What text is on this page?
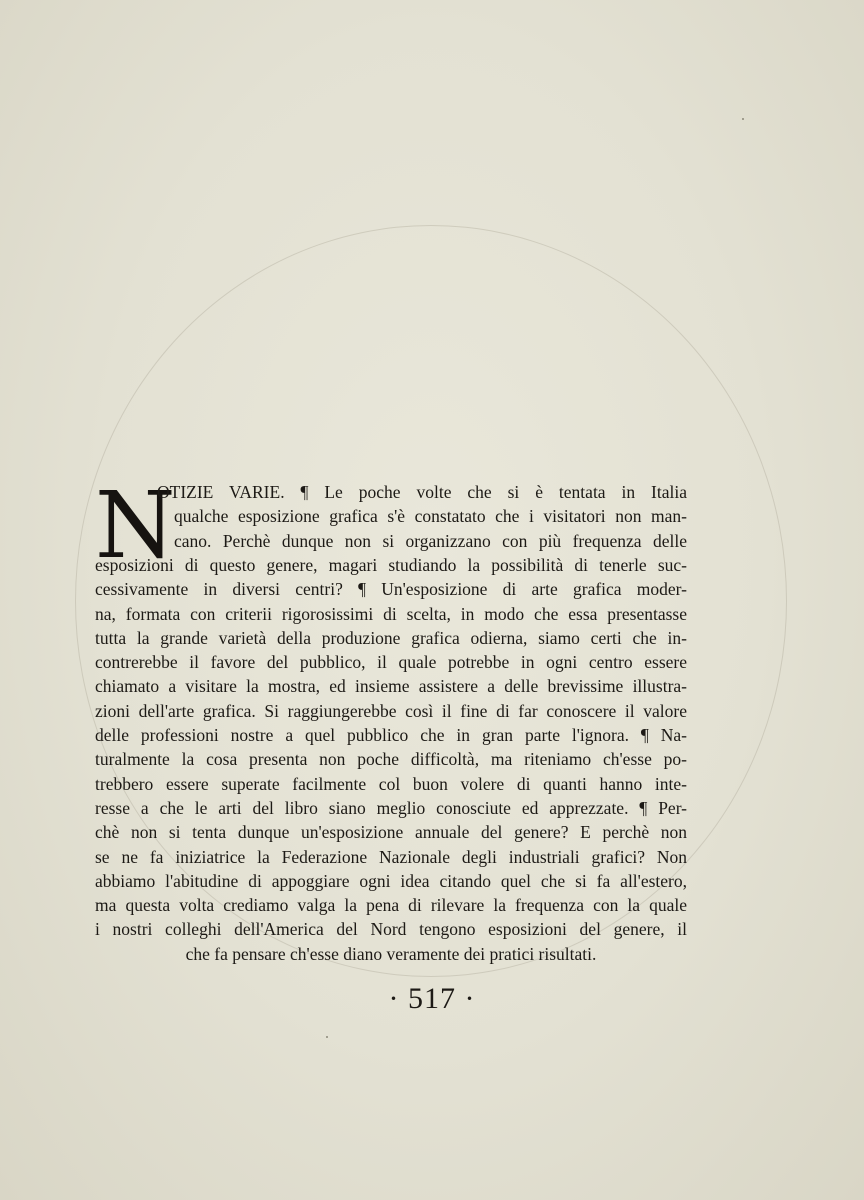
N
OTIZIE VARIE. ¶ Le poche volte che si è tentata in Italia
qualche esposizione grafica s'è constatato che i visitatori non man-
cano. Perchè dunque non si organizzano con più frequenza delle
esposizioni di questo genere, magari studiando la possibilità di tenerle suc-
cessivamente in diversi centri? ¶ Un'esposizione di arte grafica moder-
na, formata con criterii rigorosissimi di scelta, in modo che essa presentasse
tutta la grande varietà della produzione grafica odierna, siamo certi che in-
contrerebbe il favore del pubblico, il quale potrebbe in ogni centro essere
chiamato a visitare la mostra, ed insieme assistere a delle brevissime illustra-
zioni dell'arte grafica. Si raggiungerebbe così il fine di far conoscere il valore
delle professioni nostre a quel pubblico che in gran parte l'ignora. ¶ Na-
turalmente la cosa presenta non poche difficoltà, ma riteniamo ch'esse po-
trebbero essere superate facilmente col buon volere di quanti hanno inte-
resse a che le arti del libro siano meglio conosciute ed apprezzate. ¶ Per-
chè non si tenta dunque un'esposizione annuale del genere? E perchè non
se ne fa iniziatrice la Federazione Nazionale degli industriali grafici? Non
abbiamo l'abitudine di appoggiare ogni idea citando quel che si fa all'estero,
ma questa volta crediamo valga la pena di rilevare la frequenza con la quale
i nostri colleghi dell'America del Nord tengono esposizioni del genere, il
che fa pensare ch'esse diano veramente dei pratici risultati.
· 517 ·
